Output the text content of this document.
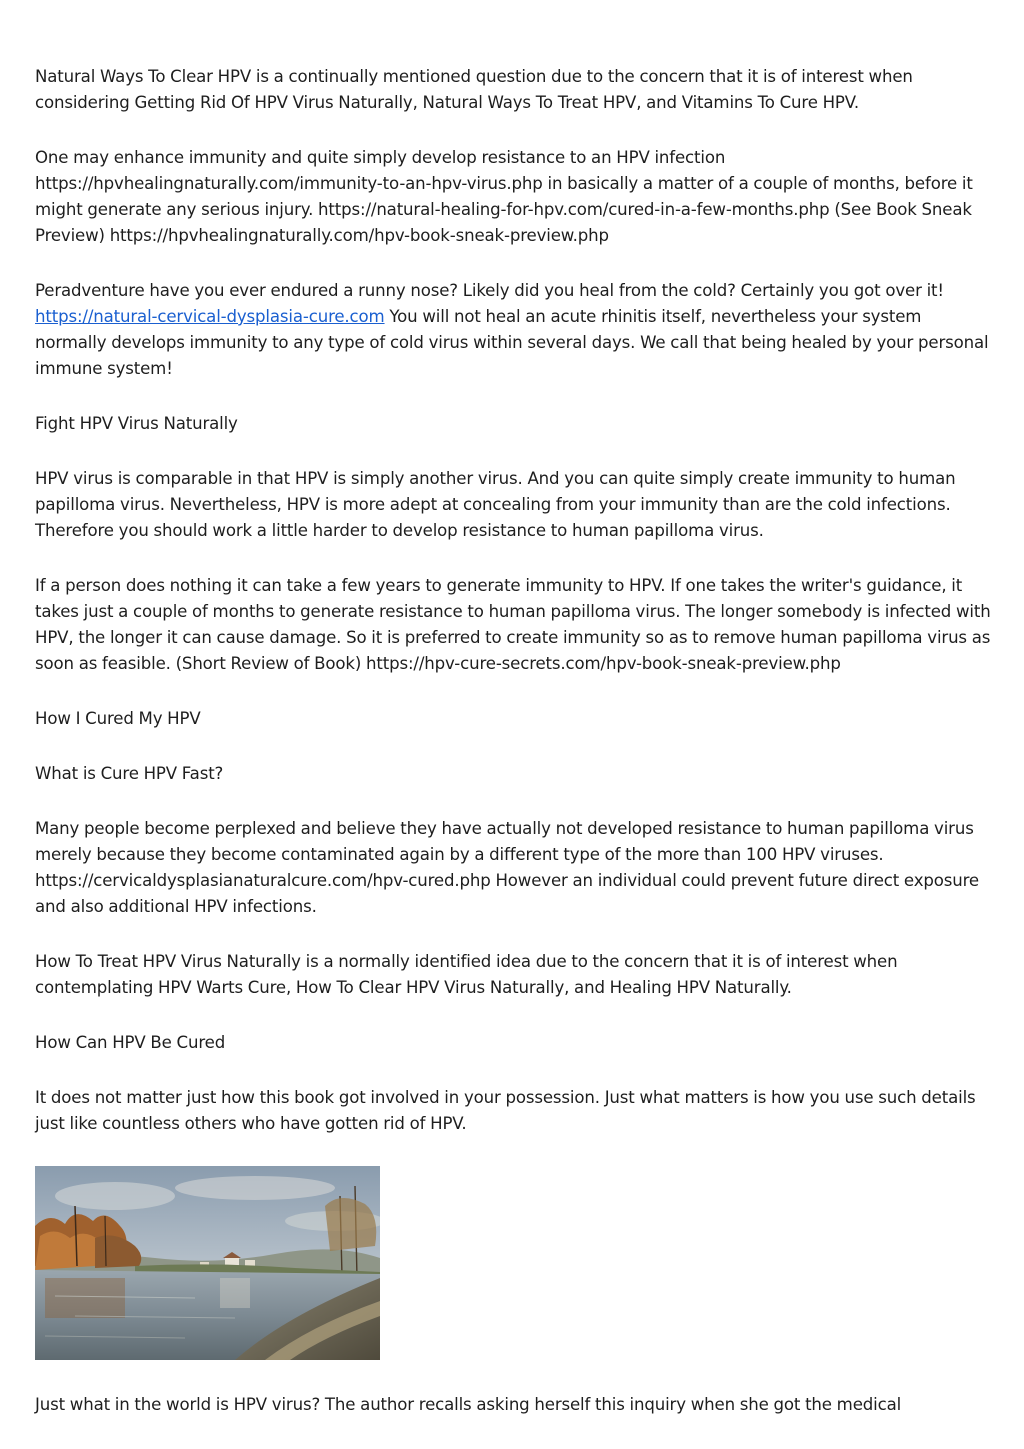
Natural Ways To Clear HPV is a continually mentioned question due to the concern that it is of interest when considering Getting Rid Of HPV Virus Naturally, Natural Ways To Treat HPV, and Vitamins To Cure HPV.

One may enhance immunity and quite simply develop resistance to an HPV infection https://hpvhealingnaturally.com/immunity-to-an-hpv-virus.php in basically a matter of a couple of months, before it might generate any serious injury. https://natural-healing-for-hpv.com/cured-in-a-few-months.php (See Book Sneak Preview) https://hpvhealingnaturally.com/hpv-book-sneak-preview.php

Peradventure have you ever endured a runny nose? Likely did you heal from the cold? Certainly you got over it!
https://natural-cervical-dysplasia-cure.com You will not heal an acute rhinitis itself, nevertheless your system normally develops immunity to any type of cold virus within several days. We call that being healed by your personal immune system!

Fight HPV Virus Naturally

HPV virus is comparable in that HPV is simply another virus. And you can quite simply create immunity to human papilloma virus. Nevertheless, HPV is more adept at concealing from your immunity than are the cold infections. Therefore you should work a little harder to develop resistance to human papilloma virus.

If a person does nothing it can take a few years to generate immunity to HPV. If one takes the writer's guidance, it takes just a couple of months to generate resistance to human papilloma virus. The longer somebody is infected with HPV, the longer it can cause damage. So it is preferred to create immunity so as to remove human papilloma virus as soon as feasible. (Short Review of Book) https://hpv-cure-secrets.com/hpv-book-sneak-preview.php

How I Cured My HPV

What is Cure HPV Fast?

Many people become perplexed and believe they have actually not developed resistance to human papilloma virus merely because they become contaminated again by a different type of the more than 100 HPV viruses. https://cervicaldysplasianaturalcure.com/hpv-cured.php However an individual could prevent future direct exposure and also additional HPV infections.

How To Treat HPV Virus Naturally is a normally identified idea due to the concern that it is of interest when contemplating HPV Warts Cure, How To Clear HPV Virus Naturally, and Healing HPV Naturally.

How Can HPV Be Cured

It does not matter just how this book got involved in your possession. Just what matters is how you use such details just like countless others who have gotten rid of HPV.

Just what in the world is HPV virus? The author recalls asking herself this inquiry when she got the medical
